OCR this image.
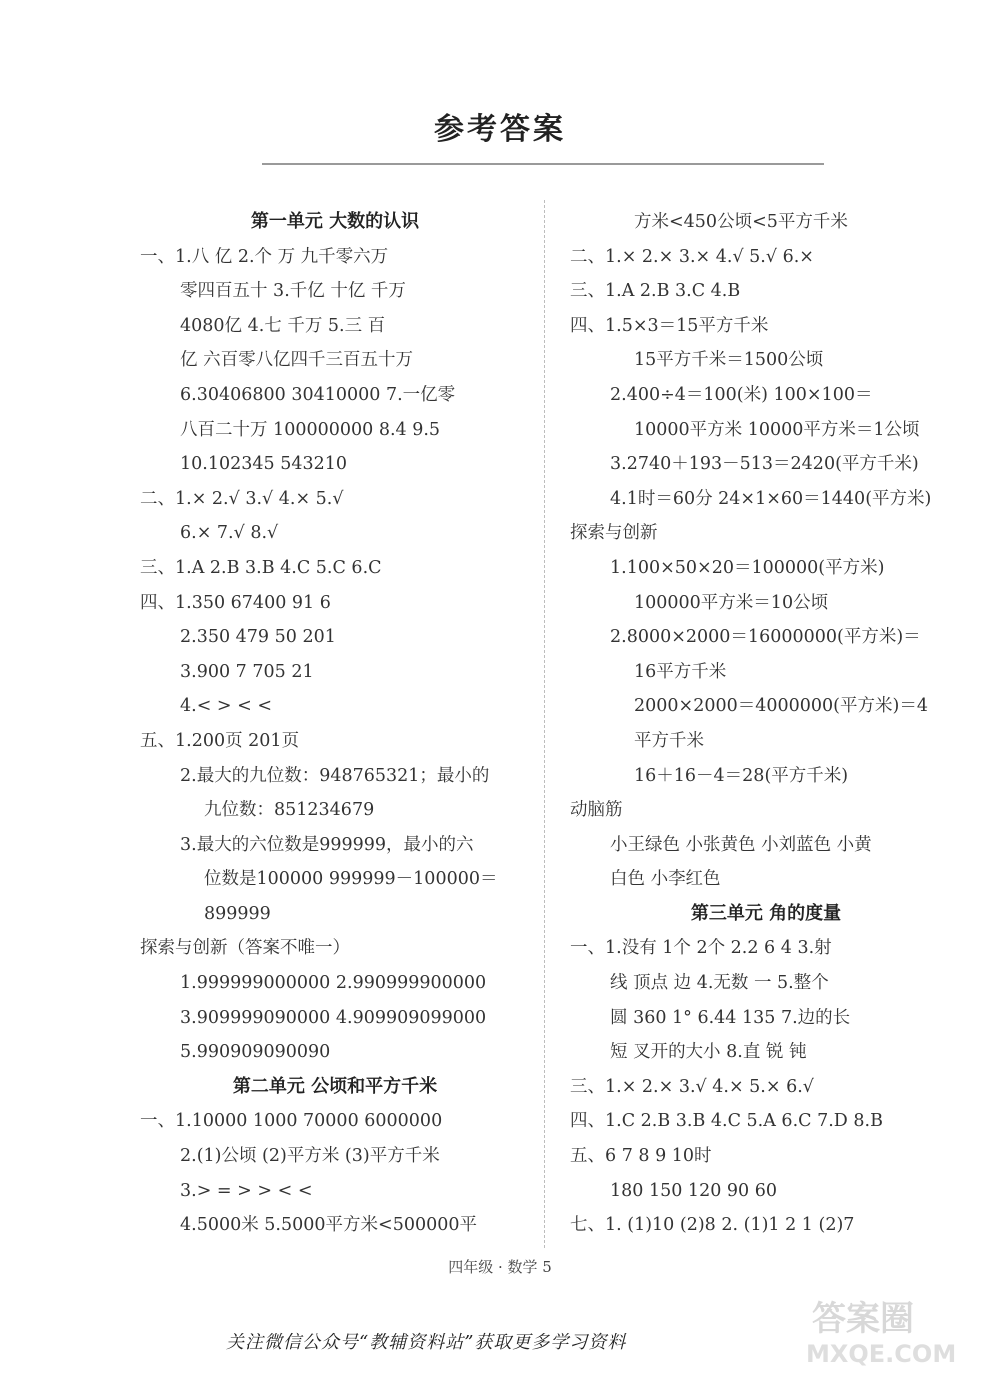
参考答案
第一单元 大数的认识
一、1.八 亿 2.个 万 九千零六万
零四百五十 3.千亿 十亿 千万
4080亿 4.七 千万 5.三 百
亿 六百零八亿四千三百五十万
6.30406800 30410000 7.一亿零
八百二十万 100000000 8.4 9.5
10.102345 543210
二、1.× 2.√ 3.√ 4.× 5.√
6.× 7.√ 8.√
三、1.A 2.B 3.B 4.C 5.C 6.C
四、1.350 67400 91 6
2.350 479 50 201
3.900 7 705 21
4.< > < <
五、1.200页 201页
2.最大的九位数：948765321；最小的
九位数：851234679
3.最大的六位数是999999，最小的六
位数是100000 999999－100000＝
899999
探索与创新（答案不唯一）
1.999999000000 2.990999900000
3.909999090000 4.909909099000
5.990909090090
第二单元 公顷和平方千米
一、1.10000 1000 70000 6000000
2.(1)公顷 (2)平方米 (3)平方千米
3.> = > > < <
4.5000米 5.5000平方米<500000平
方米<450公顷<5平方千米
二、1.× 2.× 3.× 4.√ 5.√ 6.×
三、1.A 2.B 3.C 4.B
四、1.5×3＝15平方千米
15平方千米＝1500公顷
2.400÷4＝100(米) 100×100＝
10000平方米 10000平方米＝1公顷
3.2740＋193－513＝2420(平方千米)
4.1时＝60分 24×1×60＝1440(平方米)
探索与创新
1.100×50×20＝100000(平方米)
100000平方米＝10公顷
2.8000×2000＝16000000(平方米)＝
16平方千米
2000×2000＝4000000(平方米)＝4
平方千米
16＋16－4＝28(平方千米)
动脑筋
小王绿色 小张黄色 小刘蓝色 小黄
白色 小李红色
第三单元 角的度量
一、1.没有 1个 2个 2.2 6 4 3.射
线 顶点 边 4.无数 一 5.整个
圆 360 1° 6.44 135 7.边的长
短 叉开的大小 8.直 锐 钝
三、1.× 2.× 3.√ 4.× 5.× 6.√
四、1.C 2.B 3.B 4.C 5.A 6.C 7.D 8.B
五、6 7 8 9 10时
180 150 120 90 60
七、1. (1)10 (2)8 2. (1)1 2 1 (2)7
四年级 · 数学 5
关注微信公众号“教辅资料站”获取更多学习资料
答案圈
MXQE.COM
